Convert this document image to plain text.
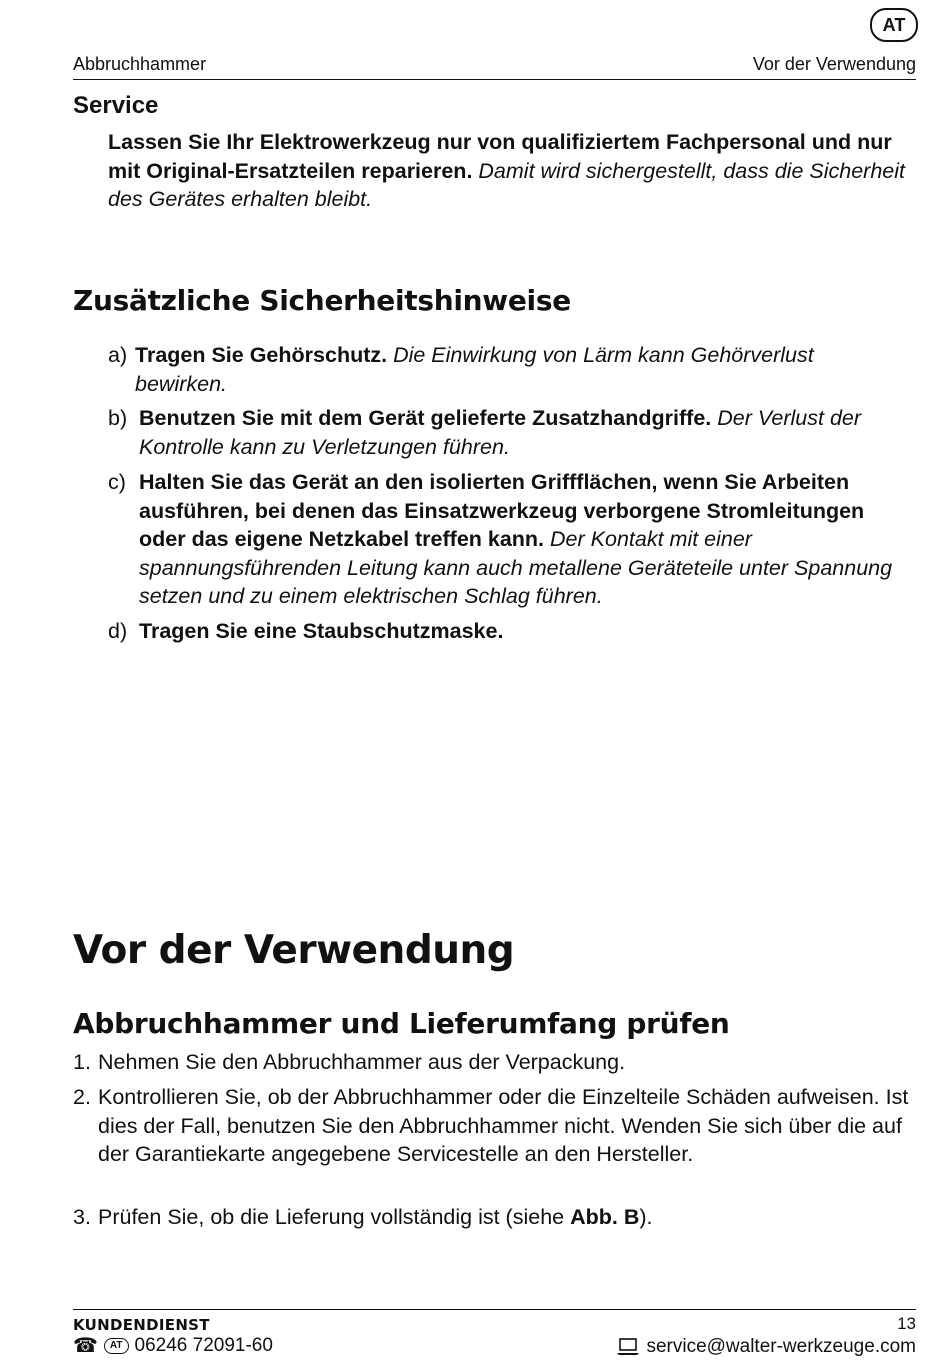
AT
Abbruchhammer	Vor der Verwendung
Service
Lassen Sie Ihr Elektrowerkzeug nur von qualifiziertem Fachpersonal und nur mit Original-Ersatzteilen reparieren. Damit wird sichergestellt, dass die Sicherheit des Gerätes erhalten bleibt.
Zusätzliche Sicherheitshinweise
a) Tragen Sie Gehörschutz. Die Einwirkung von Lärm kann Gehörverlust bewirken.
b) Benutzen Sie mit dem Gerät gelieferte Zusatzhandgriffe. Der Verlust der Kontrolle kann zu Verletzungen führen.
c) Halten Sie das Gerät an den isolierten Griffflächen, wenn Sie Arbeiten ausführen, bei denen das Einsatzwerkzeug verborgene Stromleitungen oder das eigene Netzkabel treffen kann. Der Kontakt mit einer spannungsführenden Leitung kann auch metallene Geräteteile unter Spannung setzen und zu einem elektrischen Schlag führen.
d) Tragen Sie eine Staubschutzmaske.
Vor der Verwendung
Abbruchhammer und Lieferumfang prüfen
1. Nehmen Sie den Abbruchhammer aus der Verpackung.
2. Kontrollieren Sie, ob der Abbruchhammer oder die Einzelteile Schäden aufweisen. Ist dies der Fall, benutzen Sie den Abbruchhammer nicht. Wenden Sie sich über die auf der Garantiekarte angegebene Servicestelle an den Hersteller.
3. Prüfen Sie, ob die Lieferung vollständig ist (siehe Abb. B).
KUNDENDIENST	13
☎	AT 06246 72091-60	service@walter-werkzeuge.com
